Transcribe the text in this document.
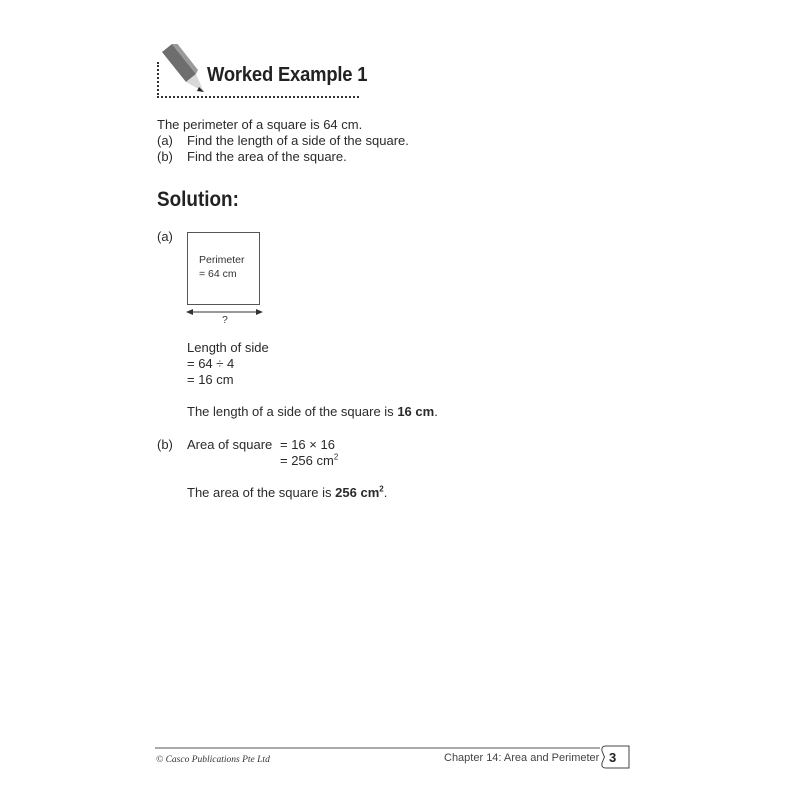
Worked Example 1
The perimeter of a square is 64 cm.
(a) Find the length of a side of the square.
(b) Find the area of the square.
Solution:
(a)
Perimeter
= 64 cm
?
Length of side
= 64 ÷ 4
= 16 cm
The length of a side of the square is 16 cm.
(b) Area of square = 16 × 16
= 256 $cm^2$
The area of the square is 256 $cm^2$.
© Casco Publications Pte Ltd	Chapter 14: Area and Perimeter 3
